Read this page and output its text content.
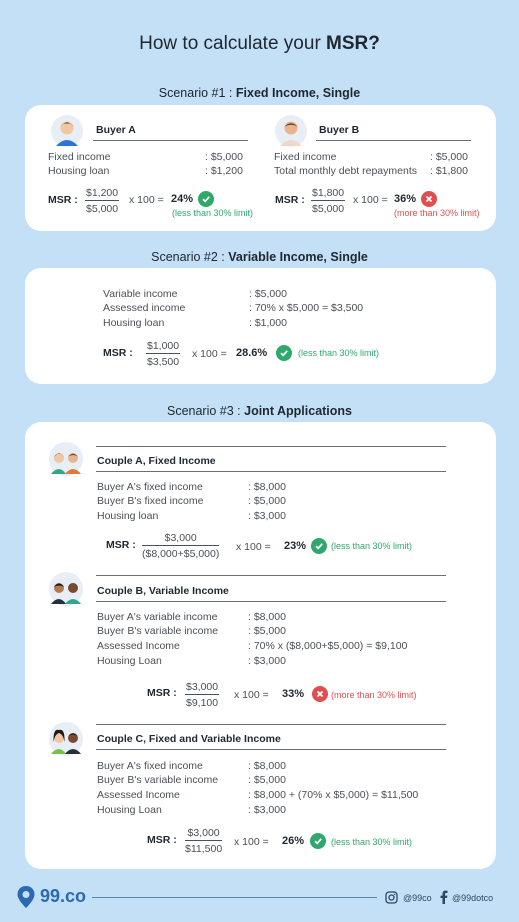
How to calculate your MSR?
Scenario #1 : Fixed Income, Single
Buyer A
Fixed income	: $5,000
Housing loan	: $1,200
MSR : $\frac{\$1,200}{\$5,000}$ x 100 = 24%
(less than 30% limit)
Buyer B
Fixed income	: $5,000
Total monthly debt repayments : $1,800
MSR : $\frac{\$1,800}{\$5,000}$ x 100 = 36%
(more than 30% limit)
Scenario #2 : Variable Income, Single
Variable income	: $5,000
Assessed income	: 70% x $5,000 = $3,500
Housing loan	: $1,000
MSR : $\frac{\$1,000}{\$3,500}$ x 100 = 28.6%	(less than 30% limit)
Scenario #3 : Joint Applications
Couple A, Fixed Income
Buyer A's fixed income	: $8,000
Buyer B's fixed income	: $5,000
Housing loan	: $3,000
MSR : $\frac{\$3,000}{(\$8,000+\$5,000)}$ x 100 = 23%	(less than 30% limit)
Couple B, Variable Income
Buyer A's variable income	: $8,000
Buyer B's variable income	: $5,000
Assessed Income	: 70% x ($8,000+$5,000) = $9,100
Housing Loan	: $3,000
MSR : $\frac{\$3,000}{\$9,100}$ x 100 = 33%	(more than 30% limit)
Couple C, Fixed and Variable Income
Buyer A's fixed income	: $8,000
Buyer B's variable income	: $5,000
Assessed Income	: $8,000 + (70% x $5,000) = $11,500
Housing Loan	: $3,000
MSR : $\frac{\$3,000}{\$11,500}$ x 100 = 26%	(less than 30% limit)
99.co	@99co @99dotco
